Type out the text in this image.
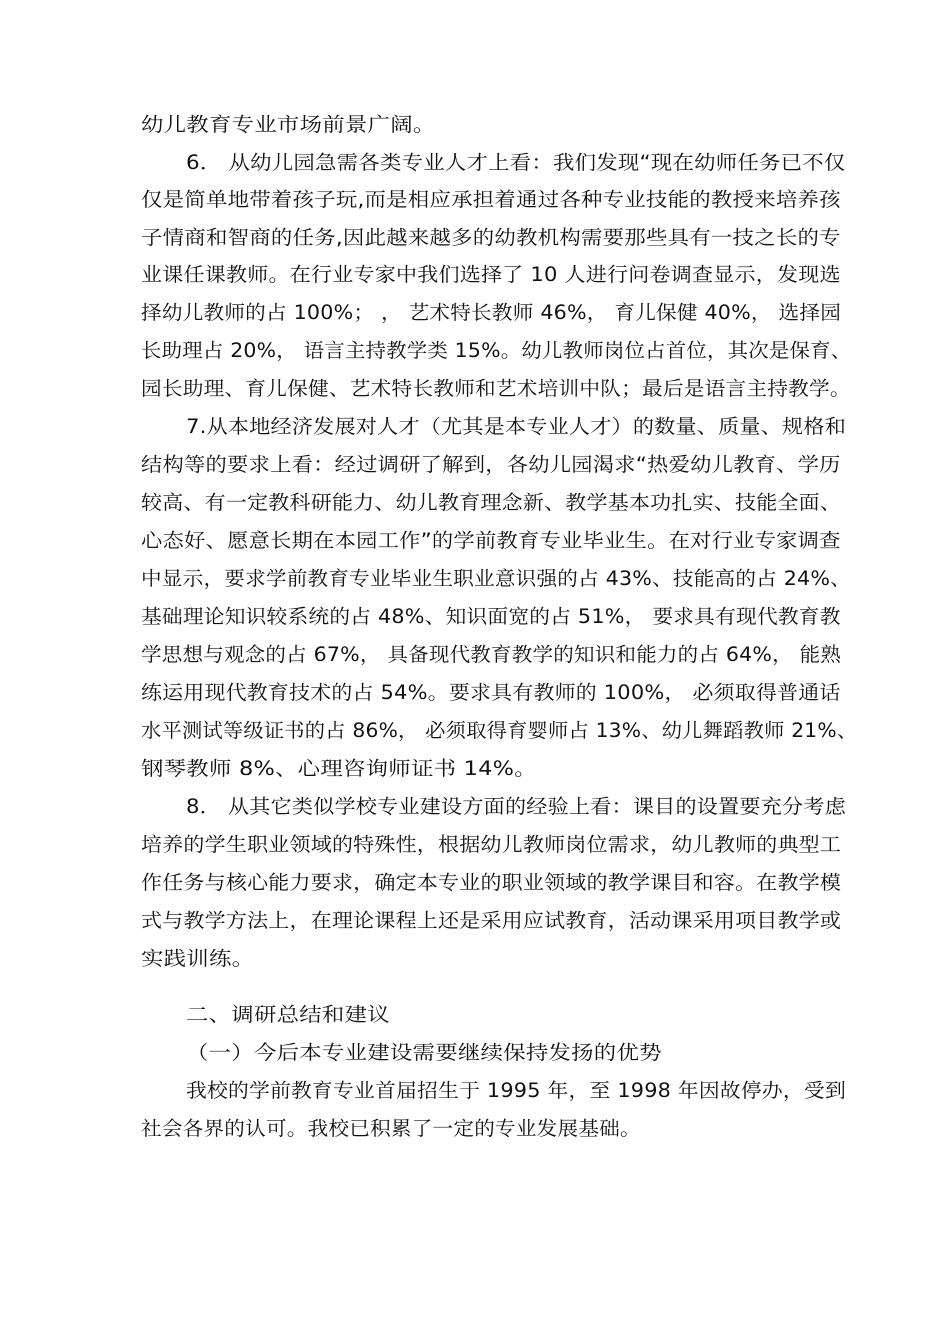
幼儿教育专业市场前景广阔。
6． 从幼儿园急需各类专业人才上看：我们发现“现在幼师任务已不仅
仅是简单地带着孩子玩,而是相应承担着通过各种专业技能的教授来培养孩
子情商和智商的任务,因此越来越多的幼教机构需要那些具有一技之长的专
业课任课教师。在行业专家中我们选择了 10 人进行问卷调查显示，发现选
择幼儿教师的占 100%； ， 艺术特长教师 46%， 育儿保健 40%， 选择园
长助理占 20%， 语言主持教学类 15%。幼儿教师岗位占首位，其次是保育、
园长助理、育儿保健、艺术特长教师和艺术培训中队；最后是语言主持教学。
7.从本地经济发展对人才（尤其是本专业人才）的数量、质量、规格和
结构等的要求上看：经过调研了解到，各幼儿园渴求“热爱幼儿教育、学历
较高、有一定教科研能力、幼儿教育理念新、教学基本功扎实、技能全面、
心态好、愿意长期在本园工作”的学前教育专业毕业生。在对行业专家调查
中显示，要求学前教育专业毕业生职业意识强的占 43%、技能高的占 24%、
基础理论知识较系统的占 48%、知识面宽的占 51%， 要求具有现代教育教
学思想与观念的占 67%， 具备现代教育教学的知识和能力的占 64%， 能熟
练运用现代教育技术的占 54%。要求具有教师的 100%， 必须取得普通话
水平测试等级证书的占 86%， 必须取得育婴师占 13%、幼儿舞蹈教师 21%、
钢琴教师 8%、心理咨询师证书 14%。
8． 从其它类似学校专业建设方面的经验上看：课目的设置要充分考虑
培养的学生职业领域的特殊性，根据幼儿教师岗位需求，幼儿教师的典型工
作任务与核心能力要求，确定本专业的职业领域的教学课目和容。在教学模
式与教学方法上，在理论课程上还是采用应试教育，活动课采用项目教学或
实践训练。
二、调研总结和建议
（一）今后本专业建设需要继续保持发扬的优势
我校的学前教育专业首届招生于 1995 年，至 1998 年因故停办，受到
社会各界的认可。我校已积累了一定的专业发展基础。
